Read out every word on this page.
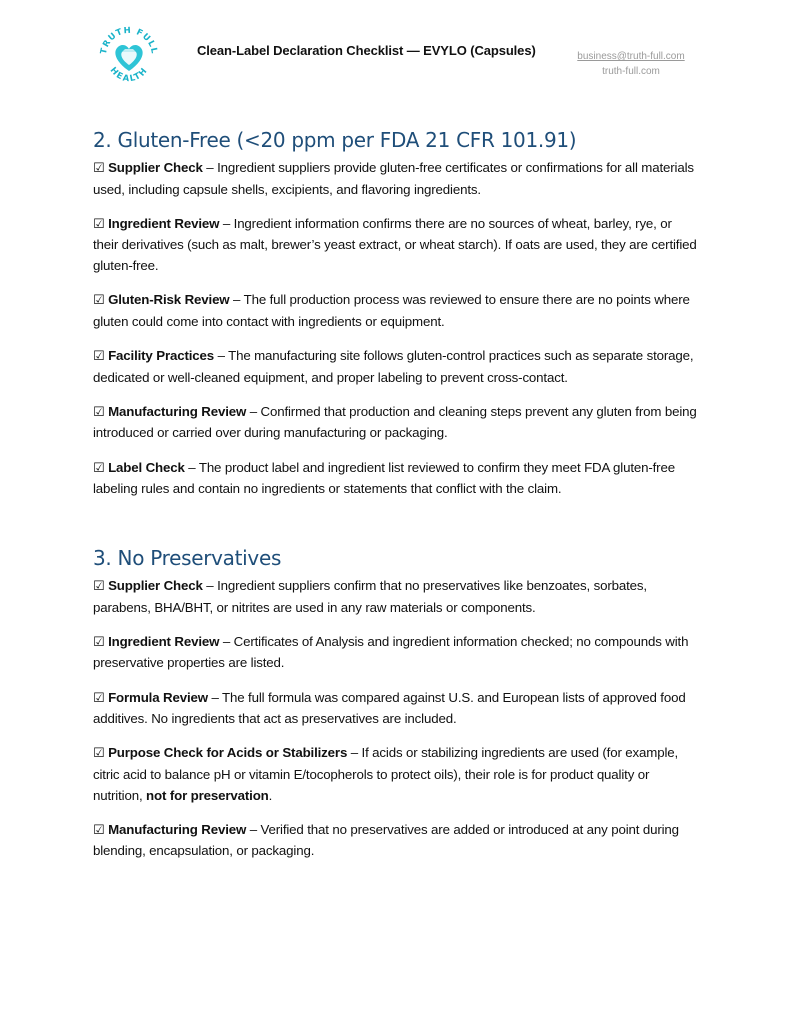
TRUTH FULL
HEALTH
Clean-Label Declaration Checklist — EVYLO (Capsules)	business@truth-full.com
truth-full.com
2. Gluten-Free (<20 ppm per FDA 21 CFR 101.91)

☑ Supplier Check – Ingredient suppliers provide gluten-free certificates or confirmations for all materials used, including capsule shells, excipients, and flavoring ingredients.

☑ Ingredient Review – Ingredient information confirms there are no sources of wheat, barley, rye, or their derivatives (such as malt, brewer’s yeast extract, or wheat starch). If oats are used, they are certified gluten-free.

☑ Gluten-Risk Review – The full production process was reviewed to ensure there are no points where gluten could come into contact with ingredients or equipment.

☑ Facility Practices – The manufacturing site follows gluten-control practices such as separate storage, dedicated or well-cleaned equipment, and proper labeling to prevent cross-contact.

☑ Manufacturing Review – Confirmed that production and cleaning steps prevent any gluten from being introduced or carried over during manufacturing or packaging.

☑ Label Check – The product label and ingredient list reviewed to confirm they meet FDA gluten-free labeling rules and contain no ingredients or statements that conflict with the claim.

3. No Preservatives

☑ Supplier Check – Ingredient suppliers confirm that no preservatives like benzoates, sorbates, parabens, BHA/BHT, or nitrites are used in any raw materials or components.

☑ Ingredient Review – Certificates of Analysis and ingredient information checked; no compounds with preservative properties are listed.

☑ Formula Review – The full formula was compared against U.S. and European lists of approved food additives. No ingredients that act as preservatives are included.

☑ Purpose Check for Acids or Stabilizers – If acids or stabilizing ingredients are used (for example, citric acid to balance pH or vitamin E/tocopherols to protect oils), their role is for product quality or nutrition, not for preservation.

☑ Manufacturing Review – Verified that no preservatives are added or introduced at any point during blending, encapsulation, or packaging.
